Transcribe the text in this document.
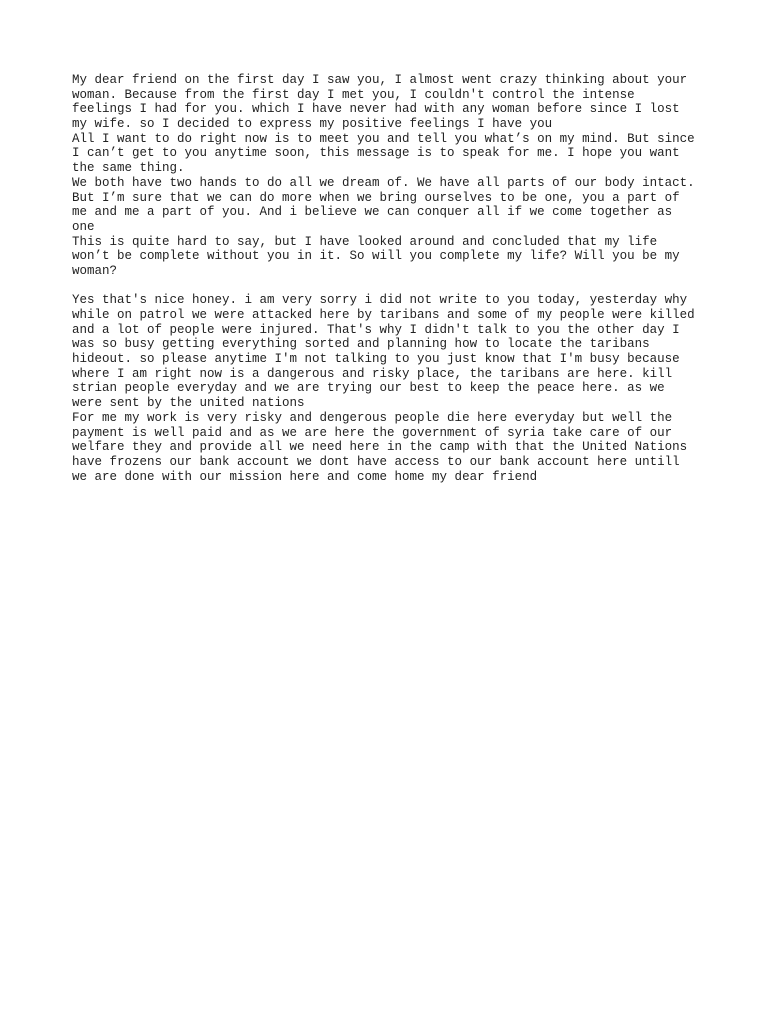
My dear friend on the first day I saw you, I almost went crazy thinking about your
woman. Because from the first day I met you, I couldn't control the intense
feelings I had for you. which I have never had with any woman before since I lost
my wife. so I decided to express my positive feelings I have you
All I want to do right now is to meet you and tell you what’s on my mind. But since
I can’t get to you anytime soon, this message is to speak for me. I hope you want
the same thing.
We both have two hands to do all we dream of. We have all parts of our body intact.
But I’m sure that we can do more when we bring ourselves to be one, you a part of
me and me a part of you. And i believe we can conquer all if we come together as
one
This is quite hard to say, but I have looked around and concluded that my life
won’t be complete without you in it. So will you complete my life? Will you be my
woman?
Yes that's nice honey. i am very sorry i did not write to you today, yesterday why
while on patrol we were attacked here by taribans and some of my people were killed
and a lot of people were injured. That's why I didn't talk to you the other day I
was so busy getting everything sorted and planning how to locate the taribans
hideout. so please anytime I'm not talking to you just know that I'm busy because
where I am right now is a dangerous and risky place, the taribans are here. kill
strian people everyday and we are trying our best to keep the peace here. as we
were sent by the united nations
For me my work is very risky and dengerous people die here everyday but well the
payment is well paid and as we are here the government of syria take care of our
welfare they and provide all we need here in the camp with that the United Nations
have frozens our bank account we dont have access to our bank account here untill
we are done with our mission here and come home my dear friend
